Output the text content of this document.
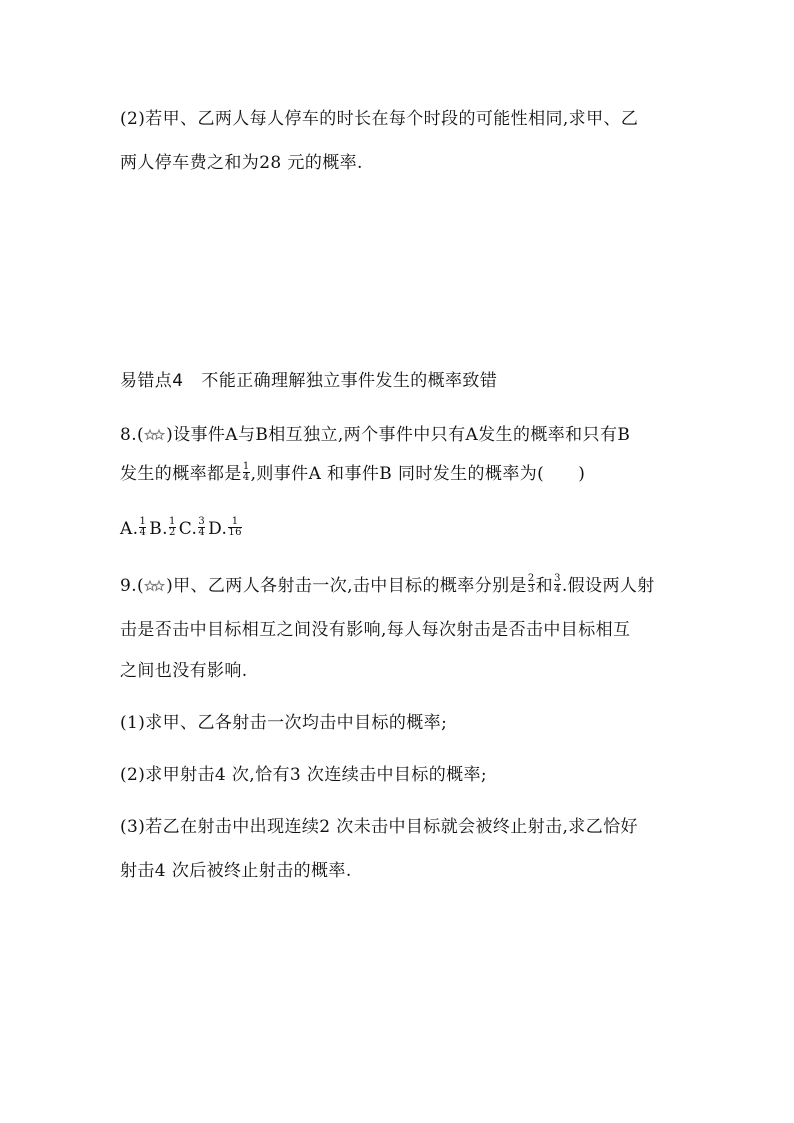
(2)若甲、乙两人每人停车的时长在每个时段的可能性相同,求甲、乙
两人停车费之和为28 元的概率.
易错点4 不能正确理解独立事件发生的概率致错
8.( )设事件A与B相互独立,两个事件中只有A发生的概率和只有B
发生的概率都是 $\frac{1}{4}$ ,则事件A 和事件B 同时发生的概率为( )
A. $\frac{1}{4} B$. $\frac{1}{2} C$. $\frac{3}{4} D$. $\frac{1}{16}$
9.( )甲、乙两人各射击一次,击中目标的概率分别是 $\frac{2}{3}$ 和 $\frac{3}{4}$ .假设两人射
击是否击中目标相互之间没有影响,每人每次射击是否击中目标相互
之间也没有影响.
(1)求甲、乙各射击一次均击中目标的概率;
(2)求甲射击4 次,恰有3 次连续击中目标的概率;
(3)若乙在射击中出现连续2 次未击中目标就会被终止射击,求乙恰好
射击4 次后被终止射击的概率.
